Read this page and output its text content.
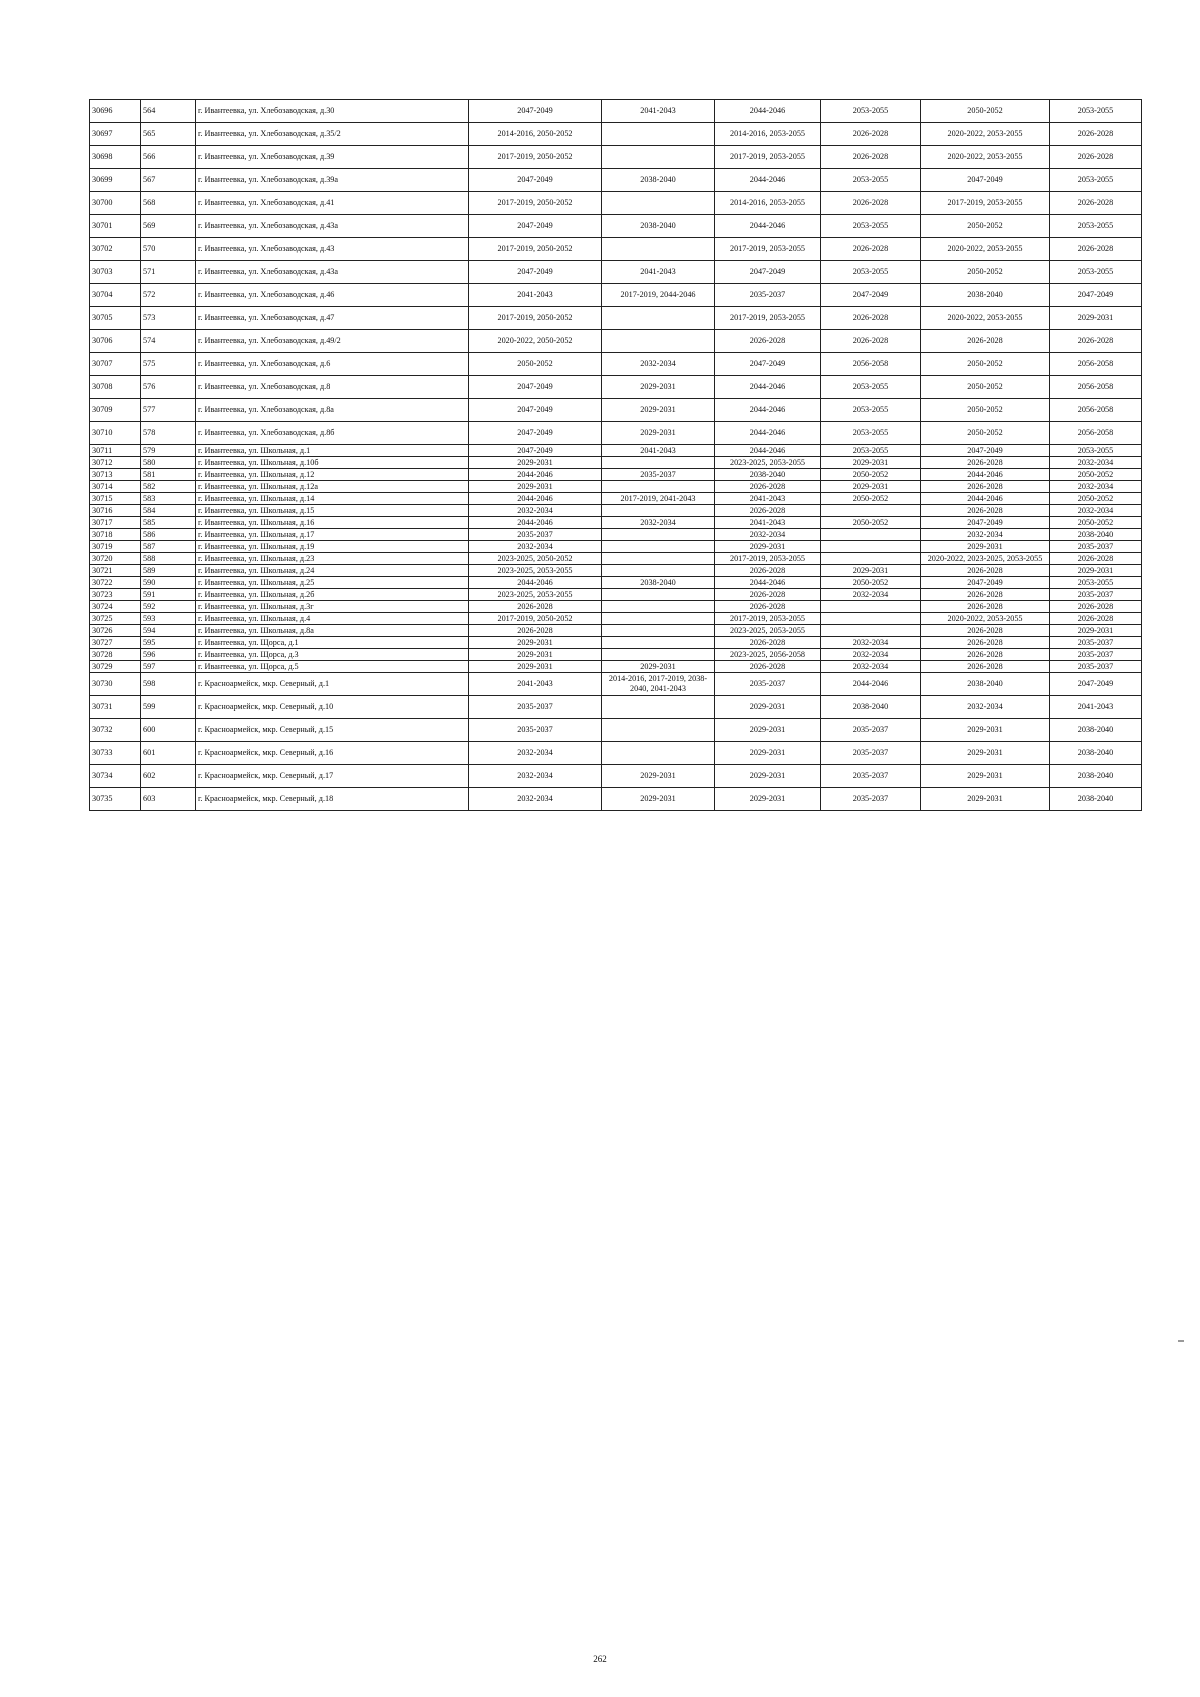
30696	564	г. Ивантеевка, ул. Хлебозаводская, д.30	2047-2049	2041-2043	2044-2046	2053-2055	2050-2052	2053-2055
30697	565	г. Ивантеевка, ул. Хлебозаводская, д.35/2	2014-2016, 2050-2052		2014-2016, 2053-2055	2026-2028	2020-2022, 2053-2055	2026-2028
30698	566	г. Ивантеевка, ул. Хлебозаводская, д.39	2017-2019, 2050-2052		2017-2019, 2053-2055	2026-2028	2020-2022, 2053-2055	2026-2028
30699	567	г. Ивантеевка, ул. Хлебозаводская, д.39а	2047-2049	2038-2040	2044-2046	2053-2055	2047-2049	2053-2055
30700	568	г. Ивантеевка, ул. Хлебозаводская, д.41	2017-2019, 2050-2052		2014-2016, 2053-2055	2026-2028	2017-2019, 2053-2055	2026-2028
30701	569	г. Ивантеевка, ул. Хлебозаводская, д.43а	2047-2049	2038-2040	2044-2046	2053-2055	2050-2052	2053-2055
30702	570	г. Ивантеевка, ул. Хлебозаводская, д.43	2017-2019, 2050-2052		2017-2019, 2053-2055	2026-2028	2020-2022, 2053-2055	2026-2028
30703	571	г. Ивантеевка, ул. Хлебозаводская, д.43а	2047-2049	2041-2043	2047-2049	2053-2055	2050-2052	2053-2055
30704	572	г. Ивантеевка, ул. Хлебозаводская, д.46	2041-2043	2017-2019, 2044-2046	2035-2037	2047-2049	2038-2040	2047-2049
30705	573	г. Ивантеевка, ул. Хлебозаводская, д.47	2017-2019, 2050-2052		2017-2019, 2053-2055	2026-2028	2020-2022, 2053-2055	2029-2031
30706	574	г. Ивантеевка, ул. Хлебозаводская, д.49/2	2020-2022, 2050-2052		2026-2028	2026-2028	2026-2028	2026-2028
30707	575	г. Ивантеевка, ул. Хлебозаводская, д.6	2050-2052	2032-2034	2047-2049	2056-2058	2050-2052	2056-2058
30708	576	г. Ивантеевка, ул. Хлебозаводская, д.8	2047-2049	2029-2031	2044-2046	2053-2055	2050-2052	2056-2058
30709	577	г. Ивантеевка, ул. Хлебозаводская, д.8а	2047-2049	2029-2031	2044-2046	2053-2055	2050-2052	2056-2058
30710	578	г. Ивантеевка, ул. Хлебозаводская, д.8б	2047-2049	2029-2031	2044-2046	2053-2055	2050-2052	2056-2058
30711	579	г. Ивантеевка, ул. Школьная, д.1	2047-2049	2041-2043	2044-2046	2053-2055	2047-2049	2053-2055
30712	580	г. Ивантеевка, ул. Школьная, д.10б	2029-2031		2023-2025, 2053-2055	2029-2031	2026-2028	2032-2034
30713	581	г. Ивантеевка, ул. Школьная, д.12	2044-2046	2035-2037	2038-2040	2050-2052	2044-2046	2050-2052
30714	582	г. Ивантеевка, ул. Школьная, д.12а	2029-2031		2026-2028	2029-2031	2026-2028	2032-2034
30715	583	г. Ивантеевка, ул. Школьная, д.14	2044-2046	2017-2019, 2041-2043	2041-2043	2050-2052	2044-2046	2050-2052
30716	584	г. Ивантеевка, ул. Школьная, д.15	2032-2034		2026-2028		2026-2028	2032-2034
30717	585	г. Ивантеевка, ул. Школьная, д.16	2044-2046	2032-2034	2041-2043	2050-2052	2047-2049	2050-2052
30718	586	г. Ивантеевка, ул. Школьная, д.17	2035-2037		2032-2034		2032-2034	2038-2040
30719	587	г. Ивантеевка, ул. Школьная, д.19	2032-2034		2029-2031		2029-2031	2035-2037
30720	588	г. Ивантеевка, ул. Школьная, д.23	2023-2025, 2050-2052		2017-2019, 2053-2055		2020-2022, 2023-2025, 2053-2055	2026-2028
30721	589	г. Ивантеевка, ул. Школьная, д.24	2023-2025, 2053-2055		2026-2028	2029-2031	2026-2028	2029-2031
30722	590	г. Ивантеевка, ул. Школьная, д.25	2044-2046	2038-2040	2044-2046	2050-2052	2047-2049	2053-2055
30723	591	г. Ивантеевка, ул. Школьная, д.2б	2023-2025, 2053-2055		2026-2028	2032-2034	2026-2028	2035-2037
30724	592	г. Ивантеевка, ул. Школьная, д.3г	2026-2028		2026-2028		2026-2028	2026-2028
30725	593	г. Ивантеевка, ул. Школьная, д.4	2017-2019, 2050-2052		2017-2019, 2053-2055		2020-2022, 2053-2055	2026-2028
30726	594	г. Ивантеевка, ул. Школьная, д.8а	2026-2028		2023-2025, 2053-2055		2026-2028	2029-2031
30727	595	г. Ивантеевка, ул. Щорса, д.1	2029-2031		2026-2028	2032-2034	2026-2028	2035-2037
30728	596	г. Ивантеевка, ул. Щорса, д.3	2029-2031		2023-2025, 2056-2058	2032-2034	2026-2028	2035-2037
30729	597	г. Ивантеевка, ул. Щорса, д.5	2029-2031	2029-2031	2026-2028	2032-2034	2026-2028	2035-2037
30730	598	г. Красноармейск, мкр. Северный, д.1	2041-2043	2014-2016, 2017-2019, 2038-2040, 2041-2043	2035-2037	2044-2046	2038-2040	2047-2049
30731	599	г. Красноармейск, мкр. Северный, д.10	2035-2037		2029-2031	2038-2040	2032-2034	2041-2043
30732	600	г. Красноармейск, мкр. Северный, д.15	2035-2037		2029-2031	2035-2037	2029-2031	2038-2040
30733	601	г. Красноармейск, мкр. Северный, д.16	2032-2034		2029-2031	2035-2037	2029-2031	2038-2040
30734	602	г. Красноармейск, мкр. Северный, д.17	2032-2034	2029-2031	2029-2031	2035-2037	2029-2031	2038-2040
30735	603	г. Красноармейск, мкр. Северный, д.18	2032-2034	2029-2031	2029-2031	2035-2037	2029-2031	2038-2040
262
